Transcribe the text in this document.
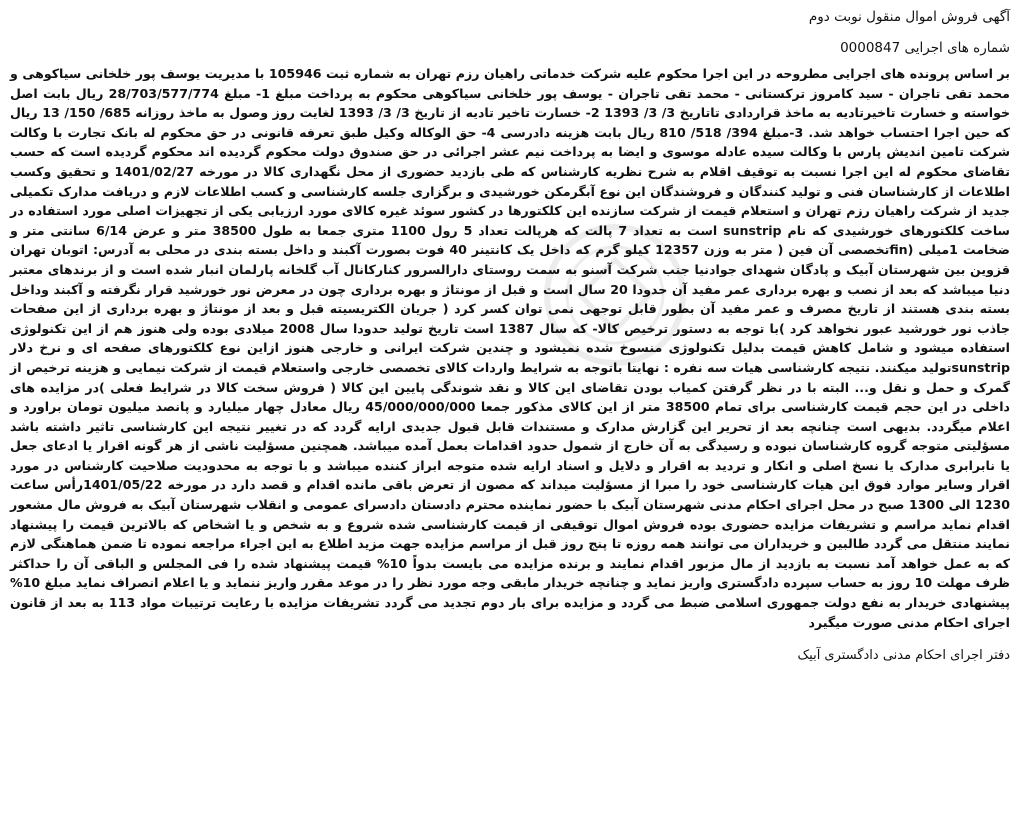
آگهی فروش اموال منقول نوبت دوم
شماره های اجرایی 0000847

بر اساس پرونده های اجرایی مطروحه در این اجرا محکوم علیه شرکت خدماتی راهیان رزم تهران به شماره ثبت 105946 با مدیریت یوسف پور خلخانی سیاکوهی و محمد تقی تاجران - سید کامروز ترکستانی - محمد تقی تاجران - یوسف پور خلخانی سیاکوهی محکوم به پرداخت مبلغ 1- مبلغ 28/703/577/774 ریال بابت اصل خواسته و خسارت تاخیرتادیه به ماخذ قراردادی تاتاریخ 3/ 3/ 1393 2- خسارت تاخیر تادیه از تاریخ 3/ 3/ 1393 لغایت روز وصول به ماخذ روزانه 685/ 150/ 13 ریال که حین اجرا احتساب خواهد شد. 3-مبلغ 394/ 518/ 810 ریال بابت هزینه دادرسی 4- حق الوکاله وکیل طبق تعرفه قانونی در حق محکوم له بانک تجارت با وکالت شرکت تامین اندیش پارس با وکالت سیده عادله موسوی و ایضا به پرداخت نیم عشر اجرائی در حق صندوق دولت محکوم گردیده اند محکوم گردیده است که حسب تقاضای محکوم له این اجرا نسبت به توقیف اقلام به شرح نظریه کارشناس که طی بازدید حضوری از محل نگهداری کالا در مورخه 1401/02/27 و تحقیق وکسب اطلاعات از کارشناسان فنی و تولید کنندگان و فروشندگان این نوع آبگرمکن خورشیدی و برگزاری جلسه کارشناسی و کسب اطلاعات لازم و دریافت مدارک تکمیلی جدید از شرکت راهیان رزم تهران و استعلام قیمت از شرکت سازنده این کلکتورها در کشور سوئد غیره کالای مورد ارزیابی یکی از تجهیزات اصلی مورد استفاده در ساخت کلکتورهای خورشیدی که نام sunstrip است به تعداد 7 پالت که هرپالت تعداد 5 رول 1100 متری جمعا به طول 38500 متر و عرض 6/14 سانتی متر و ضخامت 1میلی (finتخصصی آن فین ( متر به وزن 12357 کیلو گرم که داخل یک کانتینر 40 فوت بصورت آکبند و داخل بسته بندی در محلی به آدرس: اتوبان تهران قزوین بین شهرستان آبیک و پادگان شهدای جوادنیا جنب شرکت آسنو به سمت روستای دارالسرور کنارکانال آب گلخانه پارلمان انبار شده است و از برندهای معتبر دنیا میباشد که بعد از نصب و بهره برداری عمر مفید آن حدودا 20 سال است و قبل از مونتاژ و بهره برداری چون در معرض نور خورشید قرار نگرفته و آکبند وداخل بسته بندی هستند از تاریخ مصرف و عمر مفید آن بطور قابل توجهی نمی توان کسر کرد ( جریان الکتریسیته قبل و بعد از مونتاژ و بهره برداری از این صفحات جاذب نور خورشید عبور نخواهد کرد )با توجه به دستور ترخیص کالا- که سال 1387 است تاریخ تولید حدودا سال 2008 میلادی بوده ولی هنوز هم از این تکنولوژی استفاده میشود و شامل کاهش قیمت بدلیل تکنولوژی منسوخ شده نمیشود و چندین شرکت ایرانی و خارجی هنوز ازاین نوع کلکتورهای صفحه ای و نرخ دلار sunstripتولید میکنند. نتیجه کارشناسی هیات سه نفره : نهایتا باتوجه به شرایط واردات کالای تخصصی خارجی واستعلام قیمت از شرکت نیمایی و هزینه ترخیص از گمرک و حمل و نقل و... البته با در نظر گرفتن کمیاب بودن تقاضای این کالا و نقد شوندگی پایین این کالا ( فروش سخت کالا در شرایط فعلی )در مزایده های داخلی در این حجم قیمت کارشناسی برای تمام 38500 متر از این کالای مذکور جمعا 45/000/000/000 ریال معادل چهار میلیارد و پانصد میلیون تومان براورد و اعلام میگردد. بدیهی است چنانچه بعد از تحریر این گزارش مدارک و مستندات قابل قبول جدیدی ارایه گردد که در تغییر نتیجه این کارشناسی تاثیر داشته باشد مسؤلیتی متوجه گروه کارشناسان نبوده و رسیدگی به آن خارج از شمول حدود اقدامات بعمل آمده میباشد. همچنین مسؤلیت ناشی از هر گونه اقرار یا ادعای جعل یا نابرابری مدارک یا نسخ اصلی و انکار و تردید به اقرار و دلایل و اسناد ارایه شده متوجه ابراز کننده میباشد و با توجه به محدودیت صلاحیت کارشناس در مورد اقرار وسایر موارد فوق این هیات کارشناسی خود را مبرا از مسؤلیت میداند که مصون از تعرض باقی مانده اقدام و قصد دارد در مورخه 1401/05/22رأس ساعت 1230 الی 1300 صبح در محل اجرای احکام مدنی شهرستان آبیک با حضور نماینده محترم دادستان دادسرای عمومی و انقلاب شهرستان آبیک به فروش مال مشعور اقدام نماید مراسم و تشریفات مزایده حضوری بوده فروش اموال توقیفی از قیمت کارشناسی شده شروع و به شخص و یا اشخاص که بالاترین قیمت را پیشنهاد نمایند منتقل می گردد طالبین و خریداران می توانند همه روزه تا پنج روز قبل از مراسم مزایده جهت مزید اطلاع به این اجراء مراجعه نموده تا ضمن هماهنگی لازم که به عمل خواهد آمد نسبت به بازدید از مال مزبور اقدام نمایند و برنده مزایده می بایست بدواً 10% قیمت پیشنهاد شده را فی المجلس و الباقی آن را حداکثر ظرف مهلت 10 روز به حساب سپرده دادگستری واریز نماید و چنانچه خریدار مابقی وجه مورد نظر را در موعد مقرر واریز ننماید و یا اعلام انصراف نماید مبلغ 10% پیشنهادی خریدار به نفع دولت جمهوری اسلامی ضبط می گردد و مزایده برای بار دوم تجدید می گردد تشریفات مزایده با رعایت ترتیبات مواد 113 به بعد از قانون اجرای احکام مدنی صورت میگیرد

دفتر اجرای احکام مدنی دادگستری آبیک
